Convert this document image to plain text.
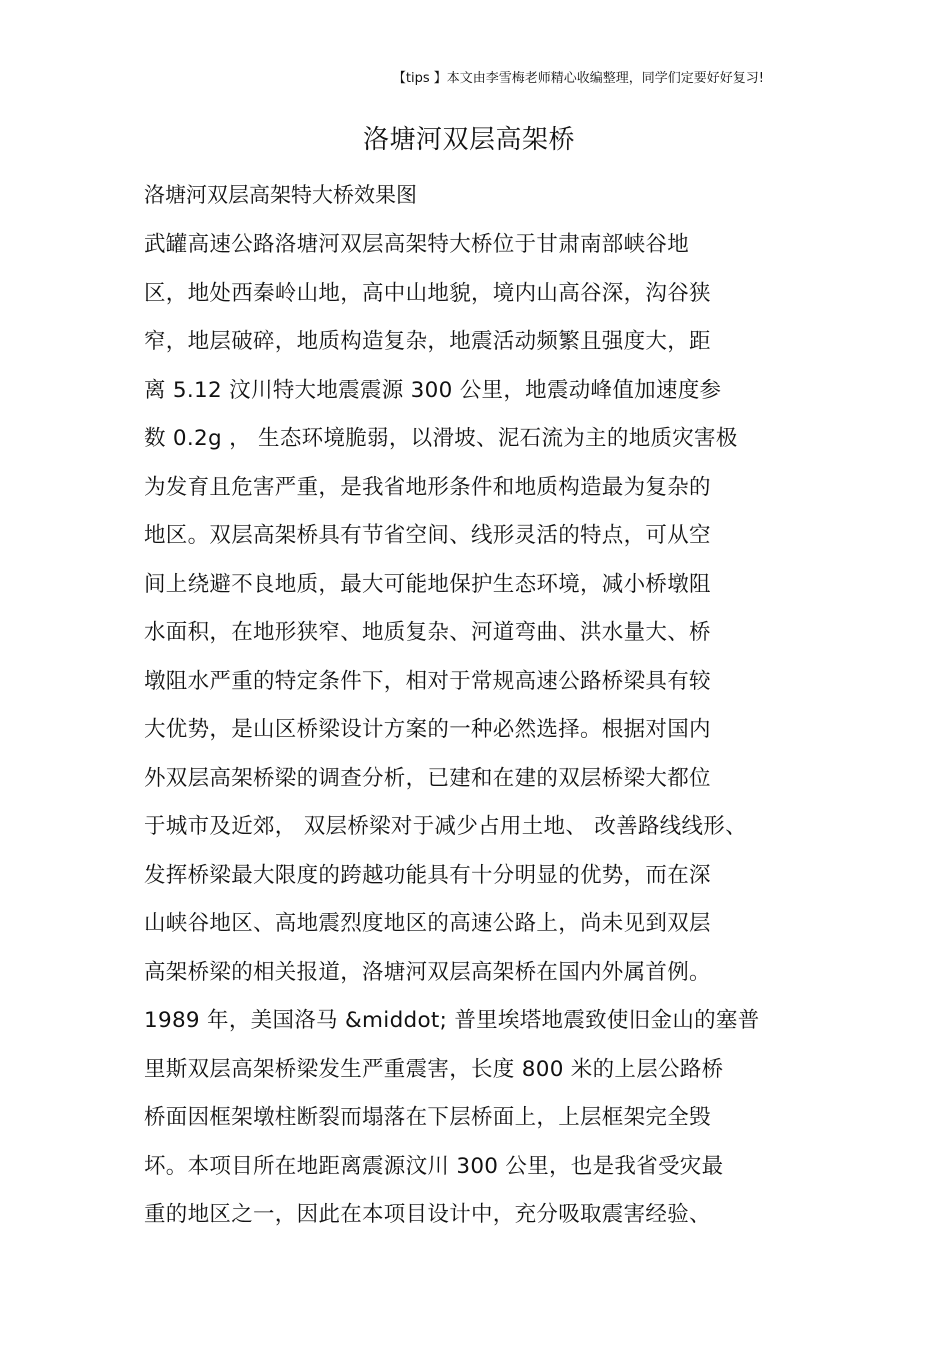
【tips 】本文由李雪梅老师精心收编整理，同学们定要好好复习!
洛塘河双层高架桥
洛塘河双层高架特大桥效果图
武罐高速公路洛塘河双层高架特大桥位于甘肃南部峡谷地
区，地处西秦岭山地，高中山地貌，境内山高谷深，沟谷狭
窄，地层破碎，地质构造复杂，地震活动频繁且强度大，距
离 5.12 汶川特大地震震源 300 公里，地震动峰值加速度参
数 0.2g ， 生态环境脆弱，以滑坡、泥石流为主的地质灾害极
为发育且危害严重，是我省地形条件和地质构造最为复杂的
地区。双层高架桥具有节省空间、线形灵活的特点，可从空
间上绕避不良地质，最大可能地保护生态环境，减小桥墩阻
水面积，在地形狭窄、地质复杂、河道弯曲、洪水量大、桥
墩阻水严重的特定条件下，相对于常规高速公路桥梁具有较
大优势，是山区桥梁设计方案的一种必然选择。根据对国内
外双层高架桥梁的调查分析，已建和在建的双层桥梁大都位
于城市及近郊， 双层桥梁对于减少占用土地、 改善路线线形、
发挥桥梁最大限度的跨越功能具有十分明显的优势，而在深
山峡谷地区、高地震烈度地区的高速公路上，尚未见到双层
高架桥梁的相关报道，洛塘河双层高架桥在国内外属首例。
1989 年，美国洛马 &middot; 普里埃塔地震致使旧金山的塞普
里斯双层高架桥梁发生严重震害，长度 800 米的上层公路桥
桥面因框架墩柱断裂而塌落在下层桥面上，上层框架完全毁
坏。本项目所在地距离震源汶川 300 公里，也是我省受灾最
重的地区之一，因此在本项目设计中，充分吸取震害经验、
